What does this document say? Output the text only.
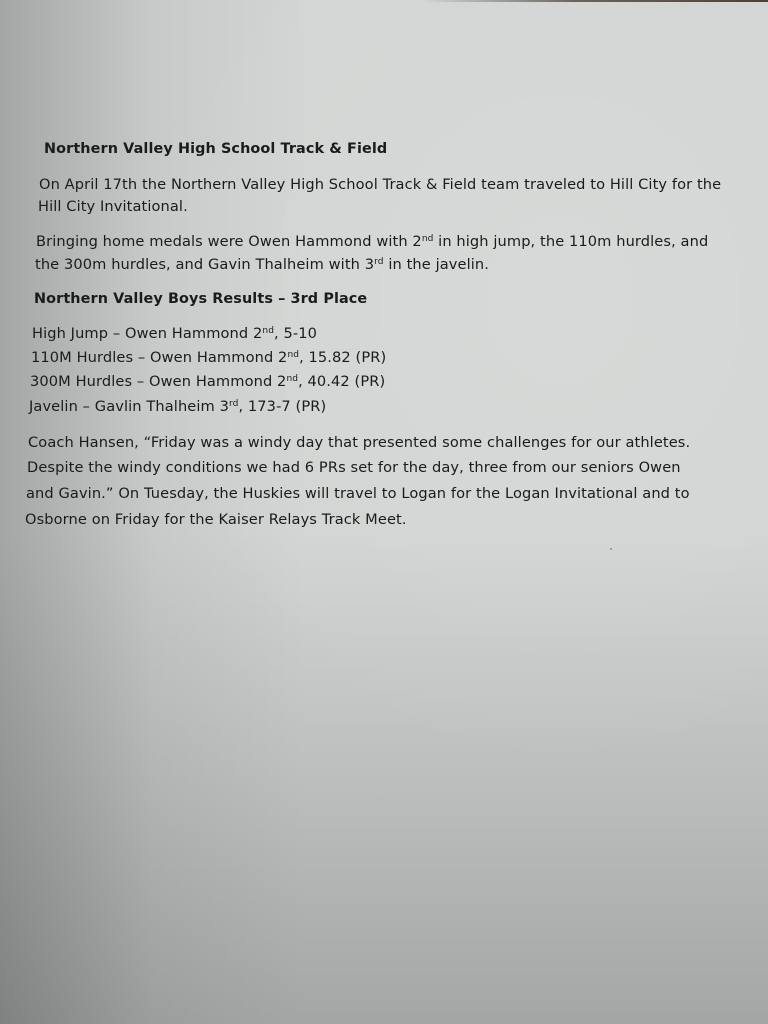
Northern Valley High School Track & Field
On April 17th the Northern Valley High School Track & Field team traveled to Hill City for the
Hill City Invitational.
Bringing home medals were Owen Hammond with 2nd in high jump, the 110m hurdles, and
the 300m hurdles, and Gavin Thalheim with 3rd in the javelin.
Northern Valley Boys Results – 3rd Place
High Jump – Owen Hammond 2nd, 5-10
110M Hurdles – Owen Hammond 2nd, 15.82 (PR)
300M Hurdles – Owen Hammond 2nd, 40.42 (PR)
Javelin – Gavlin Thalheim 3rd, 173-7 (PR)
Coach Hansen, “Friday was a windy day that presented some challenges for our athletes.
Despite the windy conditions we had 6 PRs set for the day, three from our seniors Owen
and Gavin.” On Tuesday, the Huskies will travel to Logan for the Logan Invitational and to
Osborne on Friday for the Kaiser Relays Track Meet.
